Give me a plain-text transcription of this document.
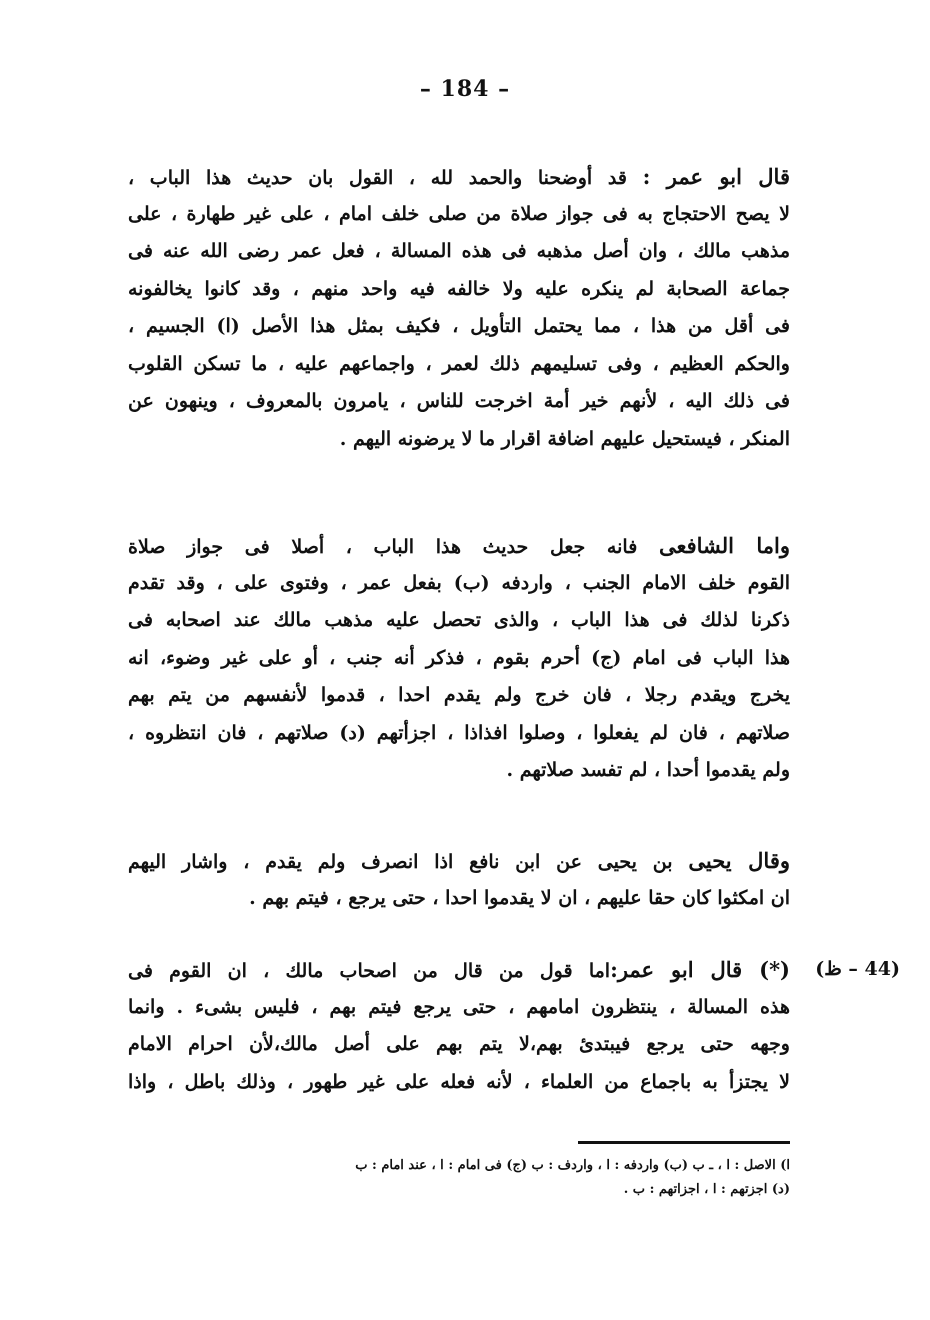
– 184 –
قال ابو عمر : قد أوضحنا والحمد لله ، القول بان حديث هذا الباب ،
لا يصح الاحتجاج به فى جواز صلاة من صلى خلف امام ، على غير طهارة ، على
مذهب مالك ، وان أصل مذهبه فى هذه المسالة ، فعل عمر رضى الله عنه فى
جماعة الصحابة لم ينكره عليه ولا خالفه فيه واحد منهم ، وقد كانوا يخالفونه
فى أقل من هذا ، مما يحتمل التأويل ، فكيف بمثل هذا الأصل (ا) الجسيم ،
والحكم العظيم ، وفى تسليمهم ذلك لعمر ، واجماعهم عليه ، ما تسكن القلوب
فى ذلك اليه ، لأنهم خير أمة اخرجت للناس ، يامرون بالمعروف ، وينهون عن
المنكر ، فيستحيل عليهم اضافة اقرار ما لا يرضونه اليهم .
واما الشافعى فانه جعل حديث هذا الباب ، أصلا فى جواز صلاة
القوم خلف الامام الجنب ، واردفه (ب) بفعل عمر ، وفتوى على ، وقد تقدم
ذكرنا لذلك فى هذا الباب ، والذى تحصل عليه مذهب مالك عند اصحابه فى
هذا الباب فى امام (ج) أحرم بقوم ، فذكر أنه جنب ، أو على غير وضوء، انه
يخرج ويقدم رجلا ، فان خرج ولم يقدم احدا ، قدموا لأنفسهم من يتم بهم
صلاتهم ، فان لم يفعلوا ، وصلوا افذاذا ، اجزأتهم (د) صلاتهم ، فان انتظروه ،
ولم يقدموا أحدا ، لم تفسد صلاتهم .
وقال يحيى بن يحيى عن ابن نافع اذا انصرف ولم يقدم ، واشار اليهم
ان امكثوا كان حقا عليهم ، ان لا يقدموا احدا ، حتى يرجع ، فيتم بهم .
(44 – ظ)
(*) قال ابو عمر:اما قول من قال من اصحاب مالك ، ان القوم فى
هذه المسالة ، ينتظرون امامهم ، حتى يرجع فيتم بهم ، فليس بشىء . وانما
وجهه حتى يرجع فيبتدئ بهم،لا يتم بهم على أصل مالك،لأن احرام الامام
لا يجتزأ به باجماع من العلماء ، لأنه فعله على غير طهور ، وذلك باطل ، واذا
ا) الاصل : ا ، ـ ب (ب) واردفه : ا ، واردف : ب (ج) فى امام : ا ، عند امام : ب
(د) اجزتهم : ا ، اجزاتهم : ب .
